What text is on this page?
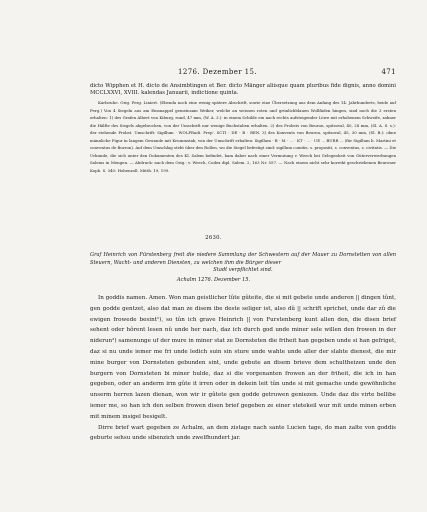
1276. Dezember 15.	471
dicto Wipphen et H. dicto de Ansimbtingen et Ber. dicto Mänger aliisque quam pluribus fide dignis, anno domini MCCLXXVI, XVIII. kalendas Januarii, indictione quinta.

Karlsruhe. Orig. Perg. Liniert. (Ebenda noch eine wenig spätere Abschrift, sowie eine Übersetzung aus dem Anfang des 14. Jahrhunderts, beide auf Perg.) Von 4 Siegeln aus am Einsnappel gemeinsam Weiher, welche an weissen roten und grünlichblauen Wollfäden hingen, sind noch die 3 ersten erhalten: 1) des Grafen Albert von Kiburg, rund, 47 mm, (W. A. 3.): in einem Schilde ein nach rechts aufsteigender Löwe mit erhobenem Schweife, zahner die Hälfte des Siegels abgebrochen, von der Umschrift nur wenige Buchstaben erhalten. 2) des Probsts von Beuron, spitzoval, 40, 28 mm, (Sl. A. S. s.): der stehende Probst. Umschrift: Sigillum · WOLFRadi. Prep'. SCTI · DE · B · REN. 3) des Konvents von Beuron, spitzoval, 45, 30 mm, (Sl. B.): ohne männliche Figur in langem Gewande mit Krummstab, von der Umschrift erhalten: Sigillum · B · M · ... · KT · ... · UE ... BURR ... (für Sigillum b. Martini et conventus de Burron). Auf dem Umschlag steht über den Rollen, wo die Siegel befestigt sind: sigillum comitis, s. propositi, s. conventus, s. civitatis. — Die Urkunde, die sich unter den Dokumenten des Kl. Salem befindet, kam daher nach einer Vermutung v. Weech bei Gelegenheit von Güterverwerbungen Salems in Mengen. — Abdruck: nach dem Orig.: v. Weech, Codex dipl. Salem. 2, 163 Nr. 557. — Nach einem nicht sehr korrekt geschriebenen Beuroner Kopb. S. 340: Hohenzoll. Mitth. 19, 199.

2630.
Graf Heinrich von Fürstenberg freit die niedere Sammlung der Schwestern auf der Mauer zu Dornstetten von allen Steuern, Wacht- und anderen Diensten, zu welchen ihm die Bürger dieser
Stadt verpflichtet sind.
Achalm 1276. Dezember 15.

In goddis namen. Amen. Won man geistlicher lûte gûteite, die si mit gebete unde anderen || dingen tûnt, gen godde gentzet, also dat man ze disem ibe deste seliger ist, also dû || schrift sprichet, unde dar zû die ewigen frowede besint¹), so tûn ich grave Heinrich || von Furstenberg kunt allen den, die disen brief sehent oder hôrent lesen nû unde her nach, daz ich durch god unde miner sele willen den frowen in der niderun²) samenunge uf der mure in miner stat ze Dornsteten die friheit han gegeben unde si han gefriget, daz si nu unde iemer me fri unde ledich suin sin sture unde wahte unde aller der slahte dienest, die mir mine burger von Dornsteten gebunden sint, unde gebute an disem brieve dem schultheizen unde den burgern von Dornsteten bi miner hulde, daz si die vorgenanten frowen an der friheit, die ich in han gegeben, oder an anderm irm gûte it irren oder in dekein leit tûn unde si mit gemache unde gewöhnliche unserm herren lazen dienan, won wir ir gûtete gen godde getruwen geniezen. Unde daz dis virte bellibe iemer me, so han ich den selben frowen disen brief gegeben ze einer stetekeil wur mit unde minen erben mit minem insigel besigelt.

Dirre brief wart gegeben ze Achalm, an dem zistage nach sante Lucien tage, do man zalte von goddis geburte sehsu unde sibenzich unde zwelfhundert jar.
